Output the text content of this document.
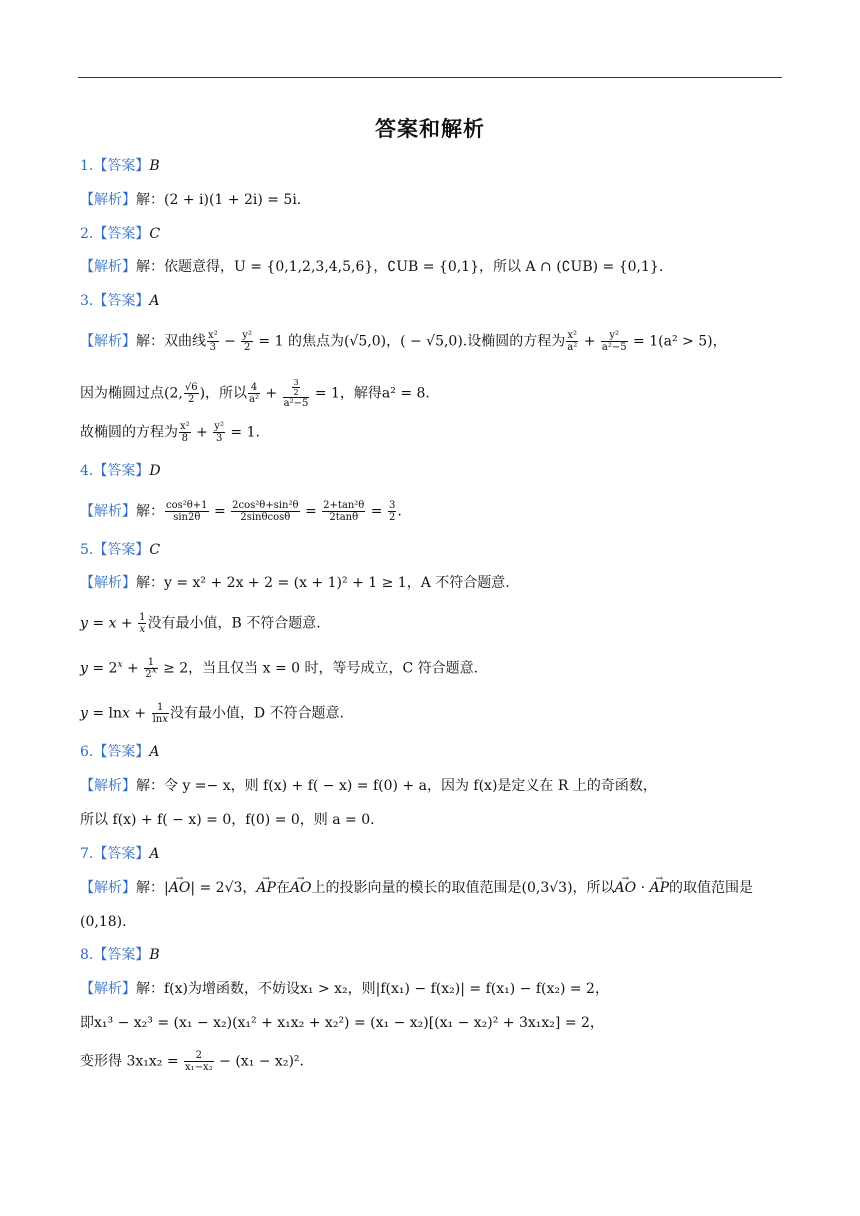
答案和解析
1.【答案】B
【解析】解：(2 + i)(1 + 2i) = 5i.
2.【答案】C
【解析】解：依题意得，U = {0,1,2,3,4,5,6}，∁UB = {0,1}，所以 A ∩ (∁UB) = {0,1}.
3.【答案】A
【解析】解：双曲线 $\frac{\text{x²}}{3} - \frac{\text{y²}}{2} = 1$ 的焦点为(√5,0)，( − √5,0).设椭圆的方程为 $\frac{\text{x²}}{\text{a²}} + \frac{\text{y²}}{\text{a²−5}} = 1(a^2 > 5)$，
因为椭圆过点(2, $\frac{√6}{2}$ )，所以 $\frac{4}{\text{a²}} + \frac{\frac{3}{2}}{\text{a²−5}} = 1$，解得a² = 8.
故椭圆的方程为 $\frac{\text{x²}}{8} + \frac{\text{y²}}{3} = 1$.
4.【答案】D
【解析】解： $\frac{\text{cos²θ+1}}{\sin 2\theta} = \frac{\text{2cos²θ+sin²θ}}{2\sin\theta\cos\theta} = \frac{\text{2+tan²θ}}{2\tan\theta} = \frac{3}{2}$ .
5.【答案】C
【解析】解：y = x² + 2x + 2 = (x + 1)² + 1 ≥ 1，A 不符合题意.
$y = x + \frac{1}{x}$ 没有最小值，B 不符合题意.
$y = 2^x + \frac{1}{2^x} \ge 2$，当且仅当 x = 0 时，等号成立，C 符合题意.
$y = \ln x + \frac{1}{\ln x}$ 没有最小值，D 不符合题意.
6.【答案】A
【解析】解：令 y =− x，则 f(x) + f( − x) = f(0) + a，因为 f(x)是定义在 R 上的奇函数，
所以 f(x) + f( − x) = 0，f(0) = 0，则 a = 0.
7.【答案】A
【解析】解：|→ AO| = 2√3，→ AP在→ AO上的投影向量的模长的取值范围是(0,3√3)，所以→ AO · → AP的取值范围是
(0,18).
8.【答案】B
【解析】解：f(x)为增函数，不妨设x₁ > x₂，则|f(x₁) − f(x₂)| = f(x₁) − f(x₂) = 2，
即x₁³ − x₂³ = (x₁ − x₂)(x₁² + x₁x₂ + x₂²) = (x₁ − x₂)[(x₁ − x₂)² + 3x₁x₂] = 2，
变形得 $3x_1x_2 = \frac{2}{\text{x₁−x₂}} - (x_1 - x_2)^2$.
